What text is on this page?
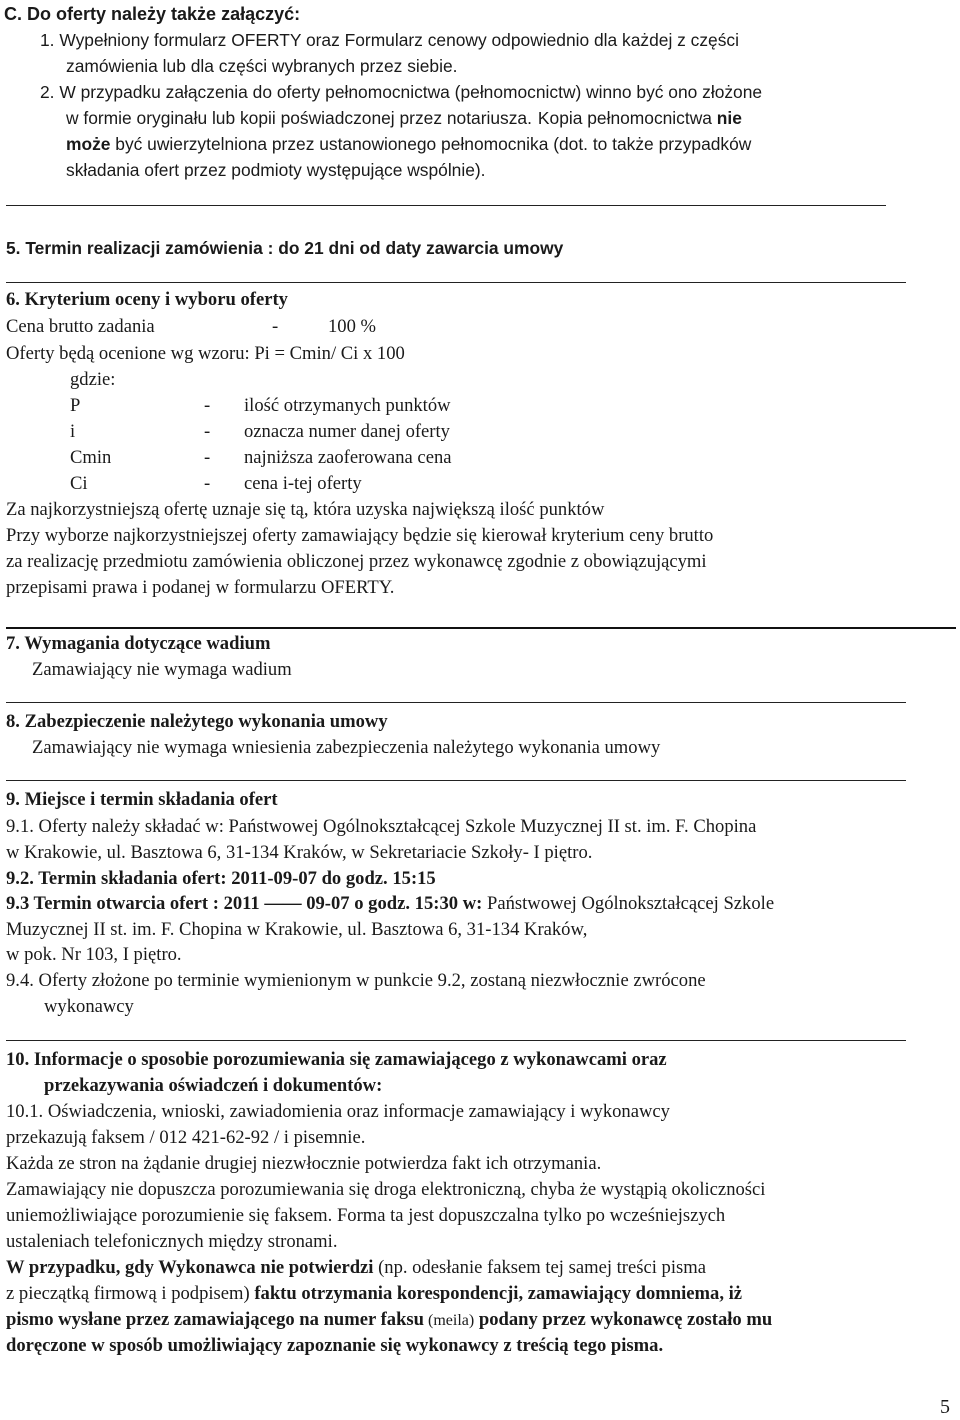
C. Do oferty należy także załączyć:
1. Wypełniony formularz OFERTY oraz Formularz cenowy odpowiednio dla każdej z części
zamówienia lub dla części wybranych przez siebie.
2. W przypadku załączenia do oferty pełnomocnictwa (pełnomocnictw) winno być ono złożone
w formie oryginału lub kopii poświadczonej przez notariusza. Kopia pełnomocnictwa nie
może być uwierzytelniona przez ustanowionego pełnomocnika (dot. to także przypadków
składania ofert przez podmioty występujące wspólnie).
5. Termin realizacji zamówienia : do 21 dni od daty zawarcia umowy
6. Kryterium oceny i wyboru oferty
Cena brutto zadania	-	100 %
Oferty będą ocenione wg wzoru: Pi = Cmin/ Ci x 100
gdzie:
P	- ilość otrzymanych punktów
i	- oznacza numer danej oferty
Cmin	- najniższa zaoferowana cena
Ci	- cena i-tej oferty
Za najkorzystniejszą ofertę uznaje się tą, która uzyska największą ilość punktów
Przy wyborze najkorzystniejszej oferty zamawiający będzie się kierował kryterium ceny brutto
za realizację przedmiotu zamówienia obliczonej przez wykonawcę zgodnie z obowiązującymi
przepisami prawa i podanej w formularzu OFERTY.
7. Wymagania dotyczące wadium
Zamawiający nie wymaga wadium
8. Zabezpieczenie należytego wykonania umowy
Zamawiający nie wymaga wniesienia zabezpieczenia należytego wykonania umowy
9. Miejsce i termin składania ofert
9.1. Oferty należy składać w: Państwowej Ogólnokształcącej Szkole Muzycznej II st. im. F. Chopina
w Krakowie, ul. Basztowa 6, 31-134 Kraków, w Sekretariacie Szkoły- I piętro.
9.2. Termin składania ofert: 2011-09-07 do godz. 15:15
9.3 Termin otwarcia ofert : 2011 —— 09-07 o godz. 15:30 w: Państwowej Ogólnokształcącej Szkole
Muzycznej II st. im. F. Chopina w Krakowie, ul. Basztowa 6, 31-134 Kraków,
w pok. Nr 103, I piętro.
9.4. Oferty złożone po terminie wymienionym w punkcie 9.2, zostaną niezwłocznie zwrócone
wykonawcy
10. Informacje o sposobie porozumiewania się zamawiającego z wykonawcami oraz
przekazywania oświadczeń i dokumentów:
10.1. Oświadczenia, wnioski, zawiadomienia oraz informacje zamawiający i wykonawcy
przekazują faksem / 012 421-62-92 / i pisemnie.
Każda ze stron na żądanie drugiej niezwłocznie potwierdza fakt ich otrzymania.
Zamawiający nie dopuszcza porozumiewania się droga elektroniczną, chyba że wystąpią okoliczności
uniemożliwiające porozumienie się faksem. Forma ta jest dopuszczalna tylko po wcześniejszych
ustaleniach telefonicznych między stronami.
W przypadku, gdy Wykonawca nie potwierdzi (np. odesłanie faksem tej samej treści pisma
z pieczątką firmową i podpisem) faktu otrzymania korespondencji, zamawiający domniema, iż
pismo wysłane przez zamawiającego na numer faksu (meila) podany przez wykonawcę zostało mu
doręczone w sposób umożliwiający zapoznanie się wykonawcy z treścią tego pisma.
5
